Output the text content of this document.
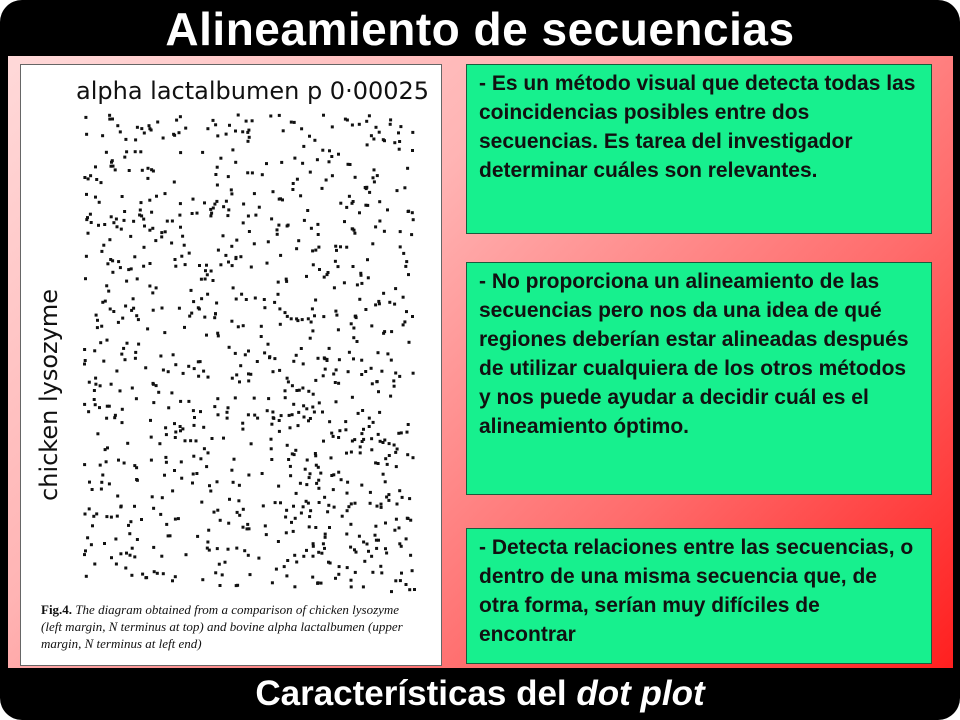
Alineamiento de secuencias
alpha lactalbumen p 0·00025
chicken lysozyme
Fig.4. The diagram obtained from a comparison of chicken lysozyme (left margin, N terminus at top) and bovine alpha lactalbumen (upper margin, N terminus at left end)
- Es un método visual que detecta todas las coincidencias posibles entre dos secuencias. Es tarea del investigador determinar cuáles son relevantes.
- No proporciona un alineamiento de las secuencias pero nos da una idea de qué regiones deberían estar alineadas después de utilizar cualquiera de los otros métodos y nos puede ayudar a decidir cuál es el alineamiento óptimo.
- Detecta relaciones entre las secuencias, o dentro de una misma secuencia que, de otra forma, serían muy difíciles de encontrar
Características del dot plot
